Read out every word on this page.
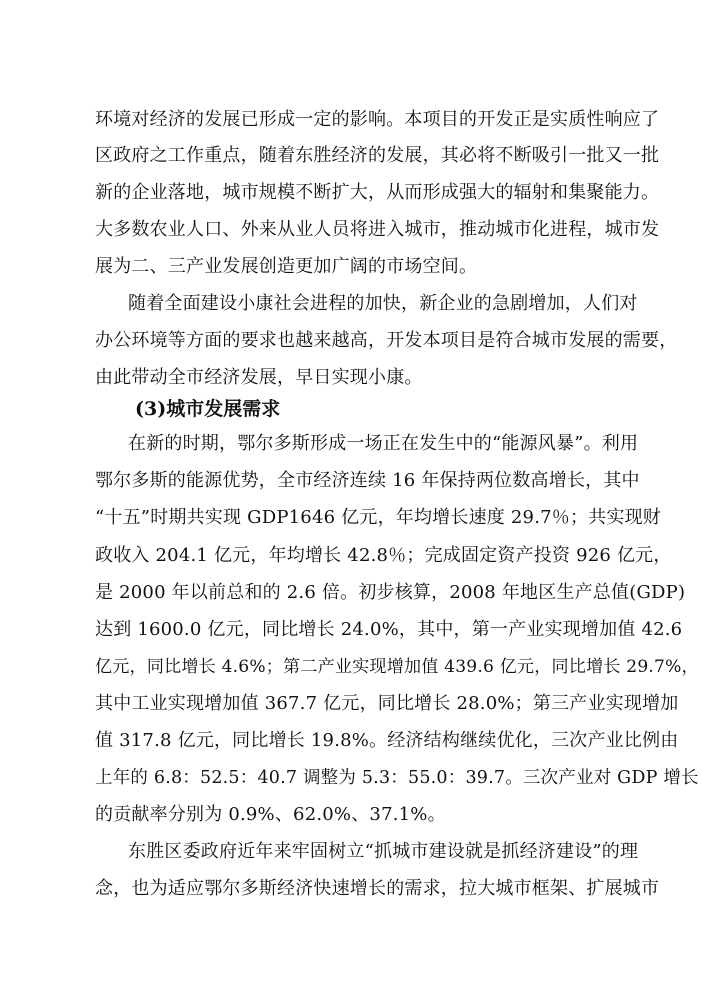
环境对经济的发展已形成一定的影响。本项目的开发正是实质性响应了
区政府之工作重点，随着东胜经济的发展，其必将不断吸引一批又一批
新的企业落地，城市规模不断扩大，从而形成强大的辐射和集聚能力。
大多数农业人口、外来从业人员将进入城市，推动城市化进程，城市发
展为二、三产业发展创造更加广阔的市场空间。
随着全面建设小康社会进程的加快，新企业的急剧增加，人们对
办公环境等方面的要求也越来越高，开发本项目是符合城市发展的需要，
由此带动全市经济发展，早日实现小康。
(3)城市发展需求
在新的时期，鄂尔多斯形成一场正在发生中的“能源风暴”。利用
鄂尔多斯的能源优势，全市经济连续 16 年保持两位数高增长，其中
“十五”时期共实现 GDP1646 亿元，年均增长速度 29.7％；共实现财
政收入 204.1 亿元，年均增长 42.8％；完成固定资产投资 926 亿元，
是 2000 年以前总和的 2.6 倍。初步核算，2008 年地区生产总值(GDP)
达到 1600.0 亿元，同比增长 24.0%，其中，第一产业实现增加值 42.6
亿元，同比增长 4.6%；第二产业实现增加值 439.6 亿元，同比增长 29.7%，
其中工业实现增加值 367.7 亿元，同比增长 28.0%；第三产业实现增加
值 317.8 亿元，同比增长 19.8%。经济结构继续优化，三次产业比例由
上年的 6.8：52.5：40.7 调整为 5.3：55.0：39.7。三次产业对 GDP 增长
的贡献率分别为 0.9%、62.0%、37.1%。
东胜区委政府近年来牢固树立“抓城市建设就是抓经济建设”的理
念，也为适应鄂尔多斯经济快速增长的需求，拉大城市框架、扩展城市
